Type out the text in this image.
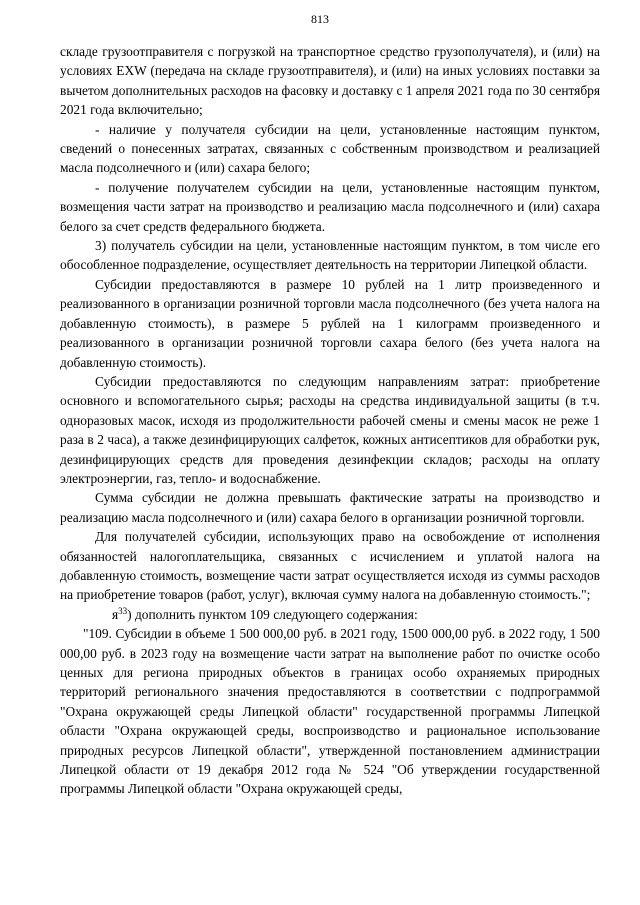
813

складе грузоотправителя с погрузкой на транспортное средство грузополучателя), и (или) на условиях EXW (передача на складе грузоотправителя), и (или) на иных условиях поставки за вычетом дополнительных расходов на фасовку и доставку с 1 апреля 2021 года по 30 сентября 2021 года включительно;

- наличие у получателя субсидии на цели, установленные настоящим пунктом, сведений о понесенных затратах, связанных с собственным производством и реализацией масла подсолнечного и (или) сахара белого;

- получение получателем субсидии на цели, установленные настоящим пунктом, возмещения части затрат на производство и реализацию масла подсолнечного и (или) сахара белого за счет средств федерального бюджета.

3) получатель субсидии на цели, установленные настоящим пунктом, в том числе его обособленное подразделение, осуществляет деятельность на территории Липецкой области.

Субсидии предоставляются в размере 10 рублей на 1 литр произведенного и реализованного в организации розничной торговли масла подсолнечного (без учета налога на добавленную стоимость), в размере 5 рублей на 1 килограмм произведенного и реализованного в организации розничной торговли сахара белого (без учета налога на добавленную стоимость).

Субсидии предоставляются по следующим направлениям затрат: приобретение основного и вспомогательного сырья; расходы на средства индивидуальной защиты (в т.ч. одноразовых масок, исходя из продолжительности рабочей смены и смены масок не реже 1 раза в 2 часа), а также дезинфицирующих салфеток, кожных антисептиков для обработки рук, дезинфицирующих средств для проведения дезинфекции складов; расходы на оплату электроэнергии, газ, тепло- и водоснабжение.

Сумма субсидии не должна превышать фактические затраты на производство и реализацию масла подсолнечного и (или) сахара белого в организации розничной торговли.

Для получателей субсидии, использующих право на освобождение от исполнения обязанностей налогоплательщика, связанных с исчислением и уплатой налога на добавленную стоимость, возмещение части затрат осуществляется исходя из суммы расходов на приобретение товаров (работ, услуг), включая сумму налога на добавленную стоимость.";

$я^{33}$) дополнить пунктом 109 следующего содержания:

"109. Субсидии в объеме 1 500 000,00 руб. в 2021 году, 1500 000,00 руб. в 2022 году, 1 500 000,00 руб. в 2023 году на возмещение части затрат на выполнение работ по очистке особо ценных для региона природных объектов в границах особо охраняемых природных территорий регионального значения предоставляются в соответствии с подпрограммой "Охрана окружающей среды Липецкой области" государственной программы Липецкой области "Охрана окружающей среды, воспроизводство и рациональное использование природных ресурсов Липецкой области", утвержденной постановлением администрации Липецкой области от 19 декабря 2012 года № 524 "Об утверждении государственной программы Липецкой области "Охрана окружающей среды,
